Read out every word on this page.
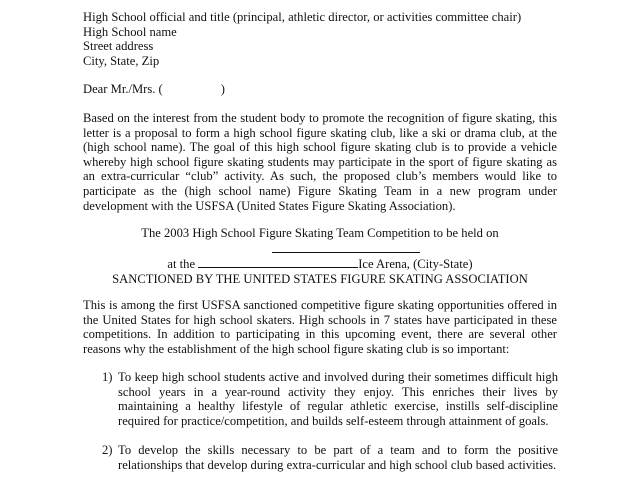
High School official and title (principal, athletic director, or activities committee chair)
High School name
Street address
City, State, Zip
Dear Mr./Mrs. (	)
Based on the interest from the student body to promote the recognition of figure skating, this
letter is a proposal to form a high school figure skating club, like a ski or drama club, at the
(high school name). The goal of this high school figure skating club is to provide a vehicle
whereby high school figure skating students may participate in the sport of figure skating as
an extra-curricular “club” activity. As such, the proposed club’s members would like to
participate as the (high school name) Figure Skating Team in a new program under
development with the USFSA (United States Figure Skating Association).
The 2003 High School Figure Skating Team Competition to be held on
at the	Ice Arena, (City-State)
SANCTIONED BY THE UNITED STATES FIGURE SKATING ASSOCIATION
This is among the first USFSA sanctioned competitive figure skating opportunities offered in
the United States for high school skaters. High schools in 7 states have participated in these
competitions. In addition to participating in this upcoming event, there are several other
reasons why the establishment of the high school figure skating club is so important:
1) To keep high school students active and involved during their sometimes difficult high
school years in a year-round activity they enjoy. This enriches their lives by
maintaining a healthy lifestyle of regular athletic exercise, instills self-discipline
required for practice/competition, and builds self-esteem through attainment of goals.
2) To develop the skills necessary to be part of a team and to form the positive
relationships that develop during extra-curricular and high school club based activities.
